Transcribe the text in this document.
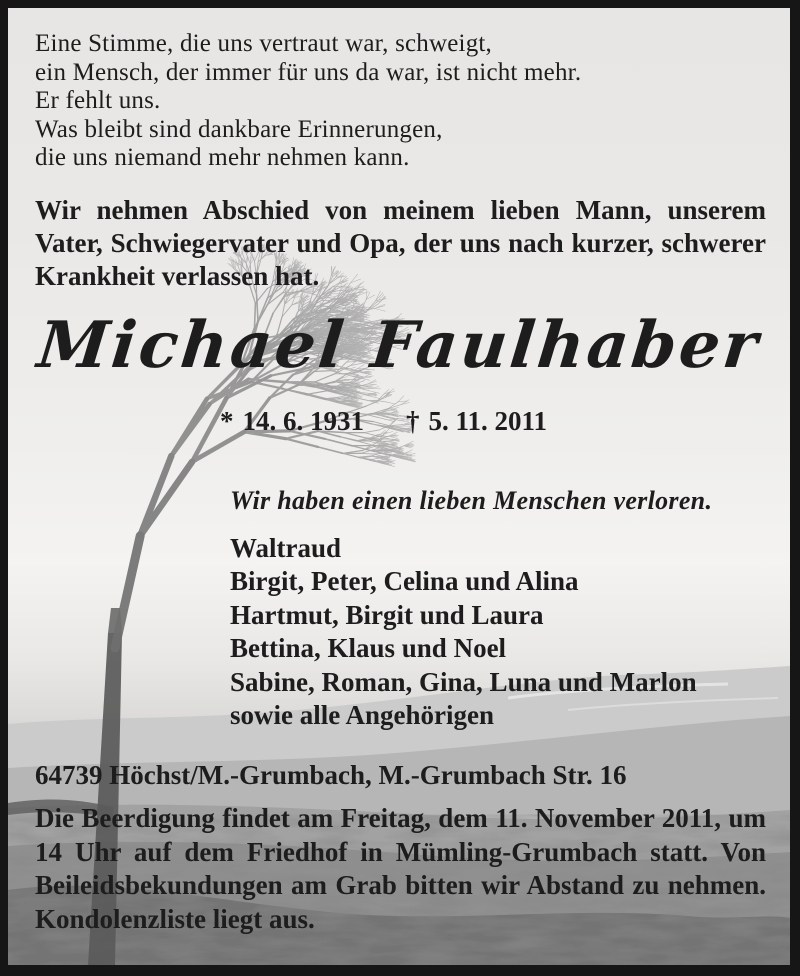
Eine Stimme, die uns vertraut war, schweigt,
ein Mensch, der immer für uns da war, ist nicht mehr.
Er fehlt uns.
Was bleibt sind dankbare Erinnerungen,
die uns niemand mehr nehmen kann.

Wir nehmen Abschied von meinem lieben Mann, unserem Vater, Schwiegervater und Opa, der uns nach kurzer, schwerer Krankheit verlassen hat.

Michael Faulhaber
* 14. 6. 1931 † 5. 11. 2011
Wir haben einen lieben Menschen verloren.
Waltraud
Birgit, Peter, Celina und Alina
Hartmut, Birgit und Laura
Bettina, Klaus und Noel
Sabine, Roman, Gina, Luna und Marlon
sowie alle Angehörigen
64739 Höchst/M.-Grumbach, M.-Grumbach Str. 16

Die Beerdigung findet am Freitag, dem 11. November 2011, um 14 Uhr auf dem Friedhof in Mümling-Grumbach statt. Von Beileidsbekundungen am Grab bitten wir Abstand zu nehmen. Kondolenzliste liegt aus.
